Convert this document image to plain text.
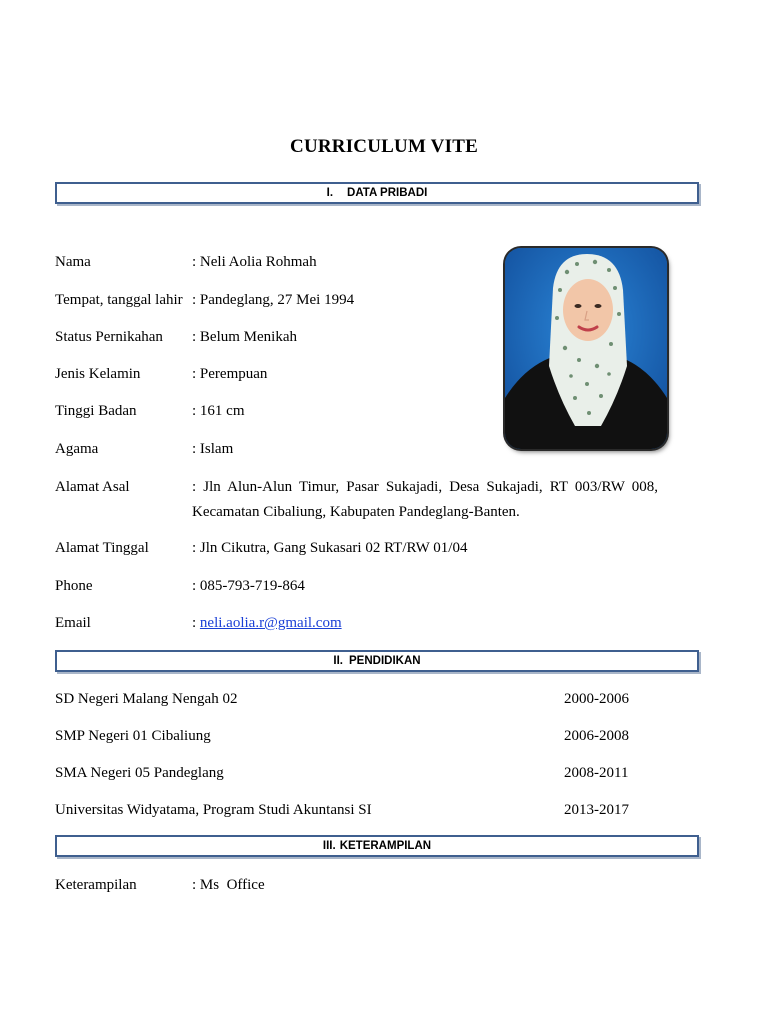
CURRICULUM VITE
I. DATA PRIBADI
Nama	: Neli Aolia Rohmah
Tempat, tanggal lahir : Pandeglang, 27 Mei 1994
Status Pernikahan : Belum Menikah
Jenis Kelamin	: Perempuan
Tinggi Badan	: 161 cm
Agama	: Islam
Alamat Asal	: Jln Alun-Alun Timur, Pasar Sukajadi, Desa Sukajadi, RT 003/RW 008,
Kecamatan Cibaliung, Kabupaten Pandeglang-Banten.
Alamat Tinggal	: Jln Cikutra, Gang Sukasari 02 RT/RW 01/04
Phone	: 085-793-719-864
Email	: neli.aolia.r@gmail.com
II. PENDIDIKAN
SD Negeri Malang Nengah 02	2000-2006
SMP Negeri 01 Cibaliung	2006-2008
SMA Negeri 05 Pandeglang	2008-2011
Universitas Widyatama, Program Studi Akuntansi SI	2013-2017
III. KETERAMPILAN
Keterampilan	: Ms  Office
